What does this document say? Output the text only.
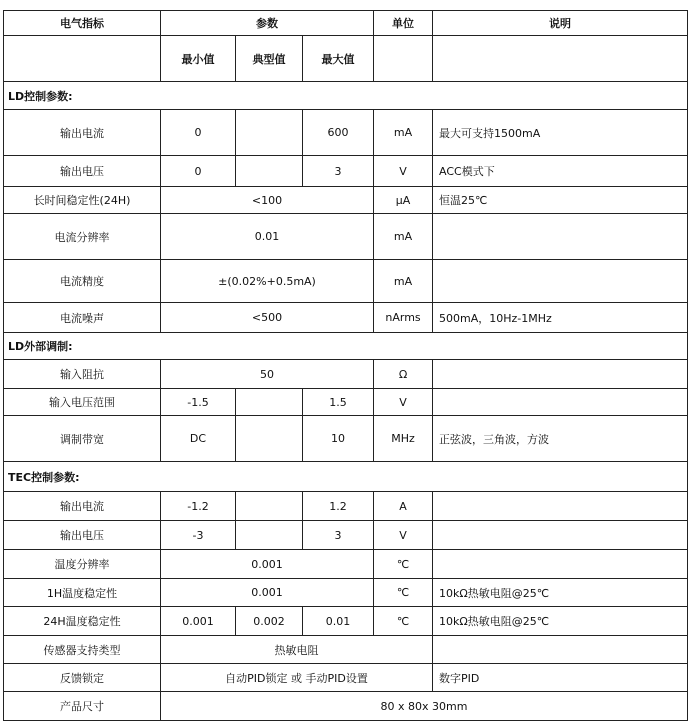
电气指标	参数			单位	说明
	最小值	典型值	最大值		
LD控制参数:					
输出电流	0		600	mA	最大可支持1500mA
输出电压	0		3	V	ACC模式下
长时间稳定性(24H)	<100			µA	恒温25℃
电流分辨率	0.01			mA	
电流精度	±(0.02%+0.5mA)			mA	
电流噪声	<500			nArms	500mA，10Hz-1MHz
LD外部调制:					
输入阻抗	50			Ω	
输入电压范围	-1.5		1.5	V	
调制带宽	DC		10	MHz	正弦波，三角波，方波
TEC控制参数:					
输出电流	-1.2		1.2	A	
输出电压	-3		3	V	
温度分辨率	0.001			℃	
1H温度稳定性	0.001			℃	10kΩ热敏电阻@25℃
24H温度稳定性	0.001	0.002	0.01	℃	10kΩ热敏电阻@25℃
传感器支持类型	热敏电阻				
反馈锁定	自动PID锁定 或 手动PID设置				数字PID
产品尺寸	80 x 80x 30mm				
